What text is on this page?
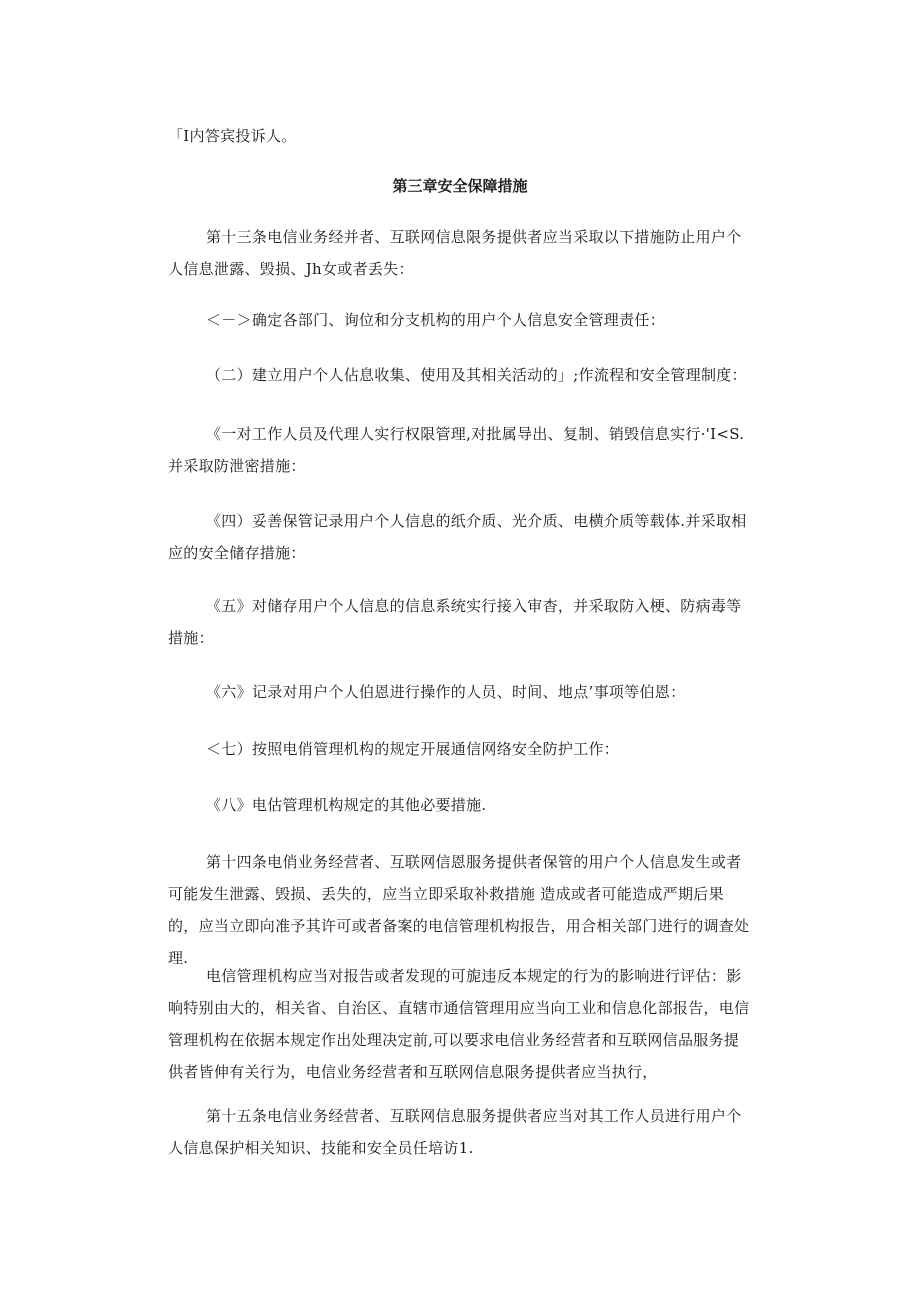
「I内答宾投诉人。

第三章安全保障措施

第十三条电信业务经并者、互联网信息限务提供者应当采取以下措施防止用户个人信息泄露、毁损、Jh女或者丢失：

＜－＞确定各部门、询位和分支机构的用户个人信息安全管理责任：

（二）建立用户个人佔息收集、使用及其相关活动的」;作流程和安全管理制度：

《一对工作人员及代理人实行权限管理,对批属导出、复制、销毁信息实行·'I<S.并采取防泄密措施：

《四）妥善保管记录用户个人信息的纸介质、光介质、电横介质等载体.并采取相应的安全储存措施：

《五》对储存用户个人信息的信息系统实行接入审杳，并采取防入梗、防病毒等措施：

《六》记录对用户个人伯恩进行操作的人员、时间、地点’事项等伯恩：

＜七）按照电俏管理机构的规定开展通信网络安全防护工作：

《八》电估管理机构规定的其他必要措施.

第十四条电俏业务经营者、互联网信恩服务提供者保管的用户个人信息发生或者可能发生泄露、毁损、丢失的，应当立即采取补救措施 造成或者可能造成严期后果的，应当立即向准予其许可或者备案的电信管理机构报告，用合相关部门进行的调查处理.

电信管理机构应当对报告或者发现的可旎违反本规定的行为的影响进行评估：影响特别由大的，相关省、自治区、直辖市通信管理用应当向工业和信息化部报告，电信管理机构在依据本规定作出处理决定前,可以要求电信业务经营者和互联网信品服务提供者皆伸有关行为，电信业务经营者和互联网信息限务提供者应当执行，

第十五条电信业务经营者、互联网信息服务提供者应当对其工作人员进行用户个人信息保护相关知识、技能和安全员任培访1.
